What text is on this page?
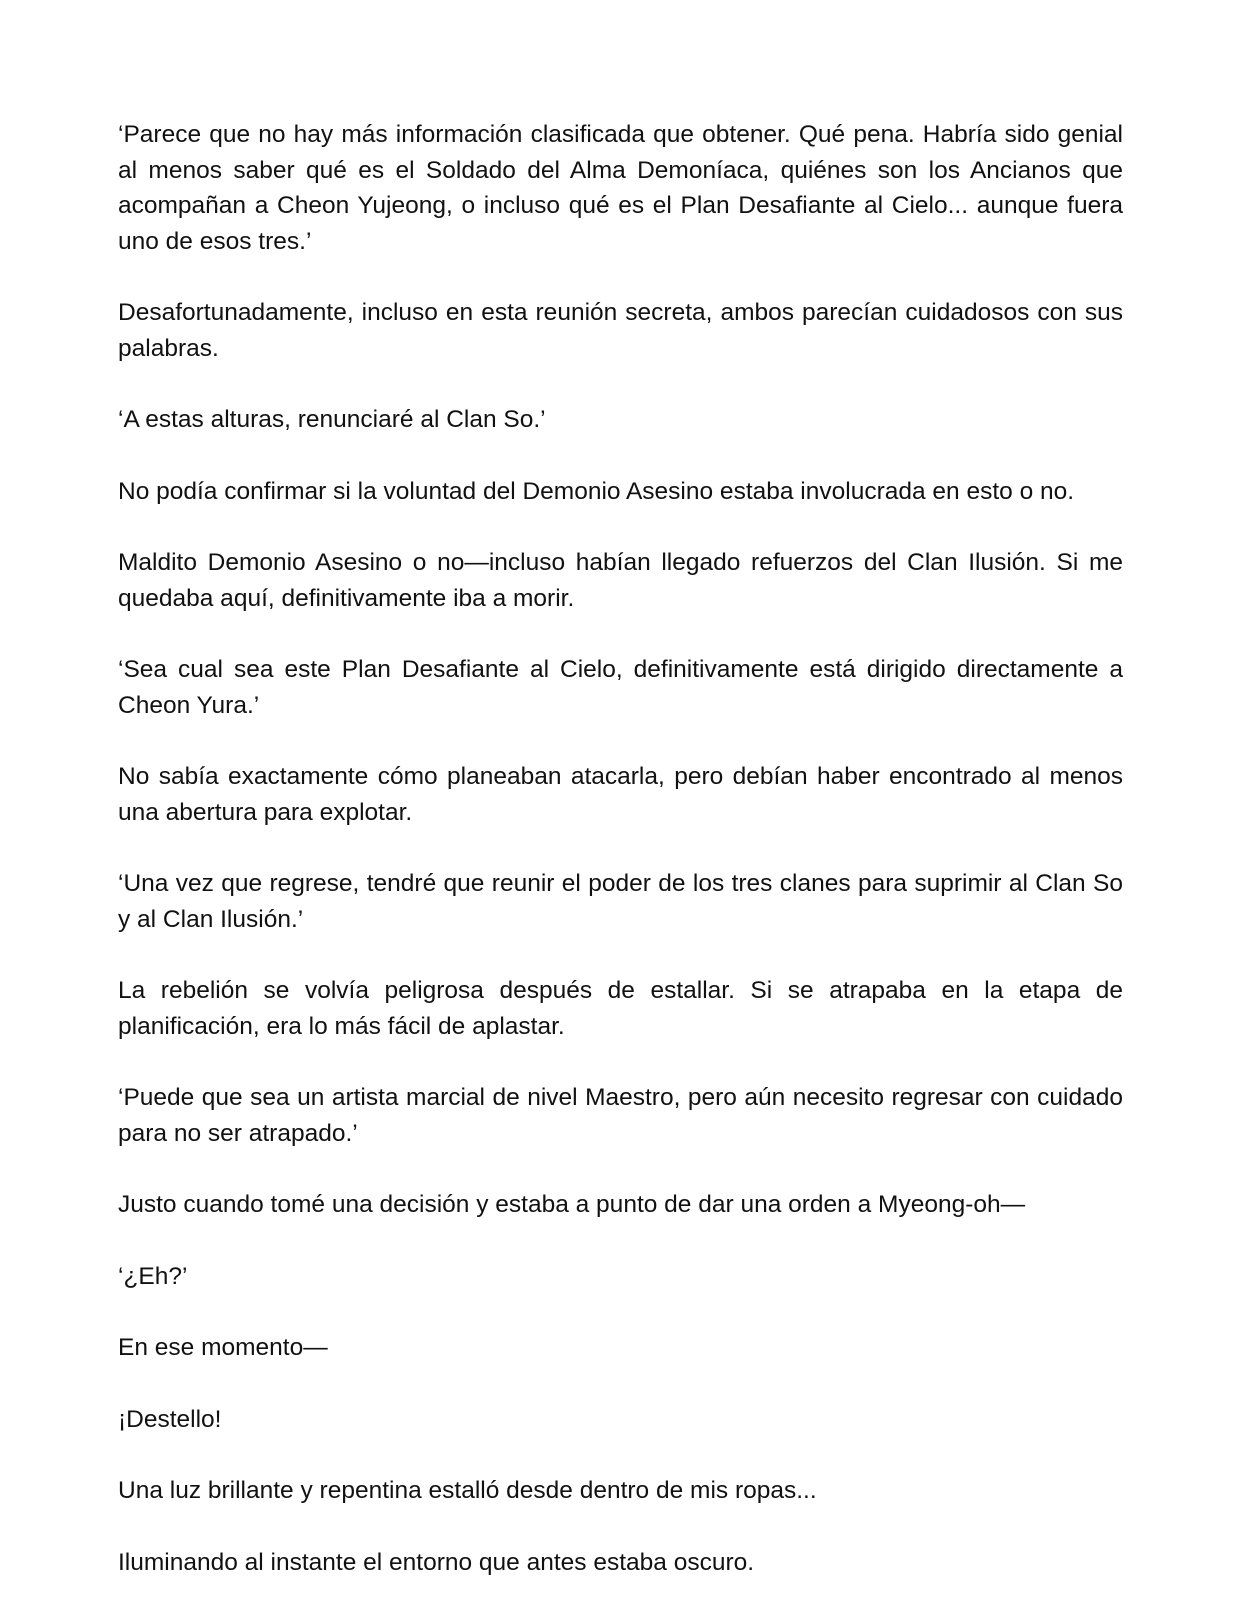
‘Parece que no hay más información clasificada que obtener. Qué pena. Habría sido genial al menos saber qué es el Soldado del Alma Demoníaca, quiénes son los Ancianos que acompañan a Cheon Yujeong, o incluso qué es el Plan Desafiante al Cielo... aunque fuera uno de esos tres.’

Desafortunadamente, incluso en esta reunión secreta, ambos parecían cuidadosos con sus palabras.

‘A estas alturas, renunciaré al Clan So.’

No podía confirmar si la voluntad del Demonio Asesino estaba involucrada en esto o no.

Maldito Demonio Asesino o no—incluso habían llegado refuerzos del Clan Ilusión. Si me quedaba aquí, definitivamente iba a morir.

‘Sea cual sea este Plan Desafiante al Cielo, definitivamente está dirigido directamente a Cheon Yura.’

No sabía exactamente cómo planeaban atacarla, pero debían haber encontrado al menos una abertura para explotar.

‘Una vez que regrese, tendré que reunir el poder de los tres clanes para suprimir al Clan So y al Clan Ilusión.’

La rebelión se volvía peligrosa después de estallar. Si se atrapaba en la etapa de planificación, era lo más fácil de aplastar.

‘Puede que sea un artista marcial de nivel Maestro, pero aún necesito regresar con cuidado para no ser atrapado.’

Justo cuando tomé una decisión y estaba a punto de dar una orden a Myeong-oh—

‘¿Eh?’

En ese momento—

¡Destello!

Una luz brillante y repentina estalló desde dentro de mis ropas...

Iluminando al instante el entorno que antes estaba oscuro.
